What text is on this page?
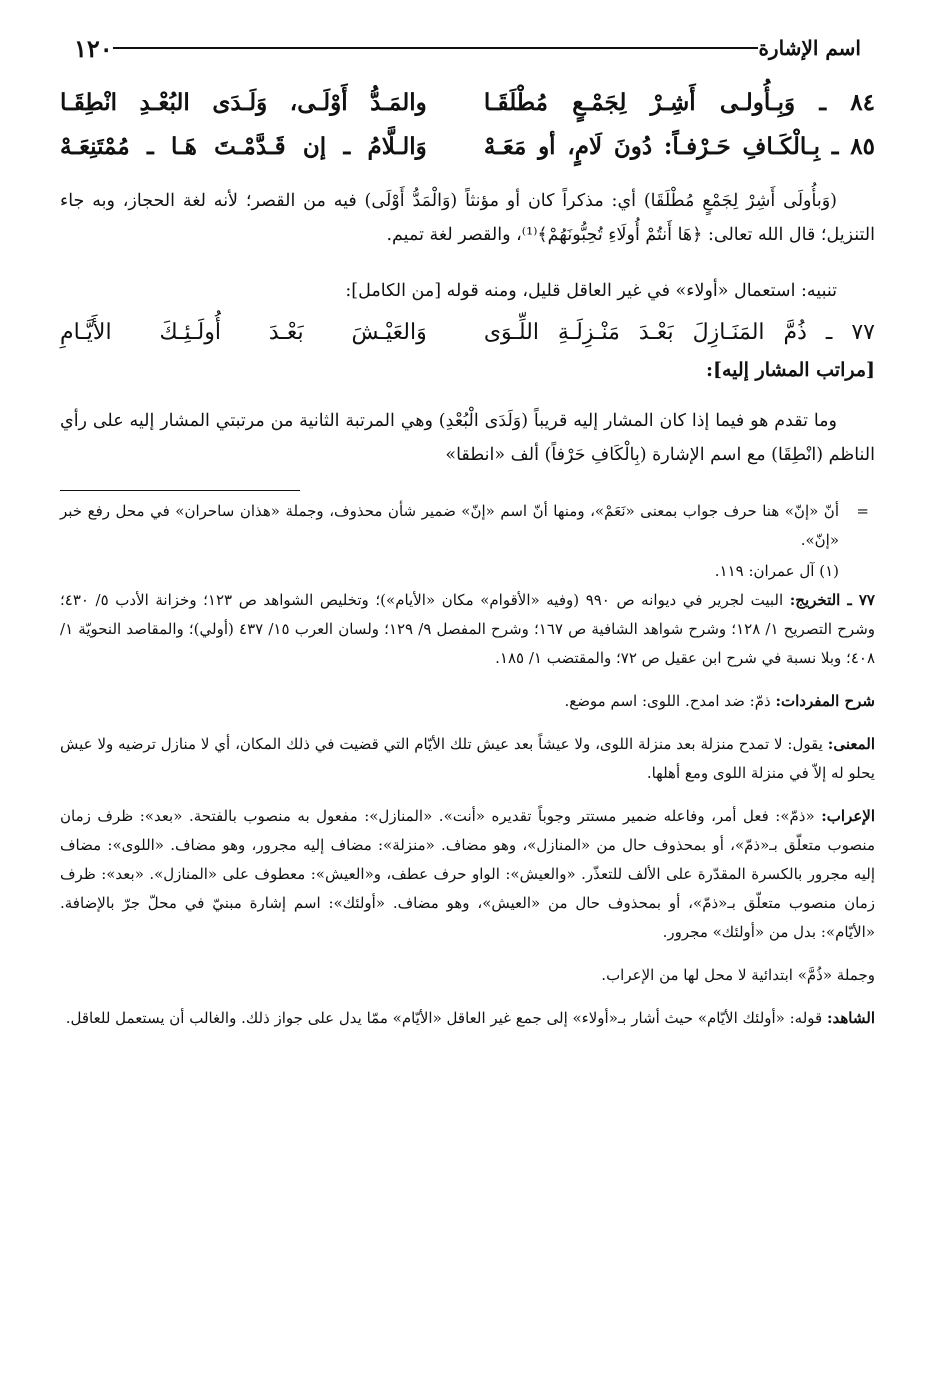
اسم الإشارة
١٢٠
٨٤ ـ وَبِـأُولـى أَشِـرْ لِجَمْـعٍ مُطْلَقَـا
والمَـدُّ أَوْلَـى، وَلَـدَى البُعْـدِ انْطِقَـا
٨٥ ـ بِـالْكَـافِ حَـرْفـاً: دُونَ لَامٍ، أو مَعَـهْ
وَالـلَّامُ ـ إن قَـدَّمْـتَ هَـا ـ مُمْتَنِعَـهْ

(وَبأُولَى أَشِرْ لِجَمْعٍ مُطْلَقَا) أي: مذكراً كان أو مؤنثاً (وَالْمَدُّ أَوْلَى) فيه من القصر؛ لأنه لغة الحجاز، وبه جاء التنزيل؛ قال الله تعالى: ﴿هَا أَنتُمْ أُولَاءِ تُحِبُّونَهُمْ﴾⁽¹⁾، والقصر لغة تميم.

تنبيه: استعمال «أولاء» في غير العاقل قليل، ومنه قوله [من الكامل]:

٧٧ ـ ذُمَّ المَنَـازِلَ بَعْـدَ مَنْـزِلَـةِ اللِّـوَى
وَالعَيْـشَ بَعْـدَ أُولَـئِـكَ الأَيَّـامِ
[مراتب المشار إليه]:

وما تقدم هو فيما إذا كان المشار إليه قريباً (وَلَدَى الْبُعْدِ) وهي المرتبة الثانية من مرتبتي المشار إليه على رأي الناظم (انْطِقَا) مع اسم الإشارة (بِالْكَافِ حَرْفاً) ألف «انطقا»

=
أنّ «إنّ» هنا حرف جواب بمعنى «نَعَمْ»، ومنها أنّ اسم «إنّ» ضمير شأن محذوف، وجملة «هذان ساحران» في محل رفع خبر «إنّ».

(١) آل عمران: ١١٩.

٧٧ ـ التخريج: البيت لجرير في ديوانه ص ٩٩٠ (وفيه «الأقوام» مكان «الأيام»)؛ وتخليص الشواهد ص ١٢٣؛ وخزانة الأدب ٥/ ٤٣٠؛ وشرح التصريح ١/ ١٢٨؛ وشرح شواهد الشافية ص ١٦٧؛ وشرح المفصل ٩/ ١٢٩؛ ولسان العرب ١٥/ ٤٣٧ (أولي)؛ والمقاصد النحويّة ١/ ٤٠٨؛ وبلا نسبة في شرح ابن عقيل ص ٧٢؛ والمقتضب ١/ ١٨٥.

شرح المفردات: ذمّ: ضد امدح. اللوى: اسم موضع.

المعنى: يقول: لا تمدح منزلة بعد منزلة اللوى، ولا عيشاً بعد عيش تلك الأيّام التي قضيت في ذلك المكان، أي لا منازل ترضيه ولا عيش يحلو له إلاّ في منزلة اللوى ومع أهلها.

الإعراب: «ذمّ»: فعل أمر، وفاعله ضمير مستتر وجوباً تقديره «أنت». «المنازل»: مفعول به منصوب بالفتحة. «بعد»: ظرف زمان منصوب متعلّق بـ«ذمّ»، أو بمحذوف حال من «المنازل»، وهو مضاف. «منزلة»: مضاف إليه مجرور، وهو مضاف. «اللوى»: مضاف إليه مجرور بالكسرة المقدّرة على الألف للتعذّر. «والعيش»: الواو حرف عطف، و«العيش»: معطوف على «المنازل». «بعد»: ظرف زمان منصوب متعلّق بـ«ذمّ»، أو بمحذوف حال من «العيش»، وهو مضاف. «أولئك»: اسم إشارة مبنيّ في محلّ جرّ بالإضافة. «الأيّام»: بدل من «أولئك» مجرور.

وجملة «ذُمَّ» ابتدائية لا محل لها من الإعراب.

الشاهد: قوله: «أولئك الأيّام» حيث أشار بـ«أولاء» إلى جمع غير العاقل «الأيّام» ممّا يدل على جواز ذلك. والغالب أن يستعمل للعاقل.
